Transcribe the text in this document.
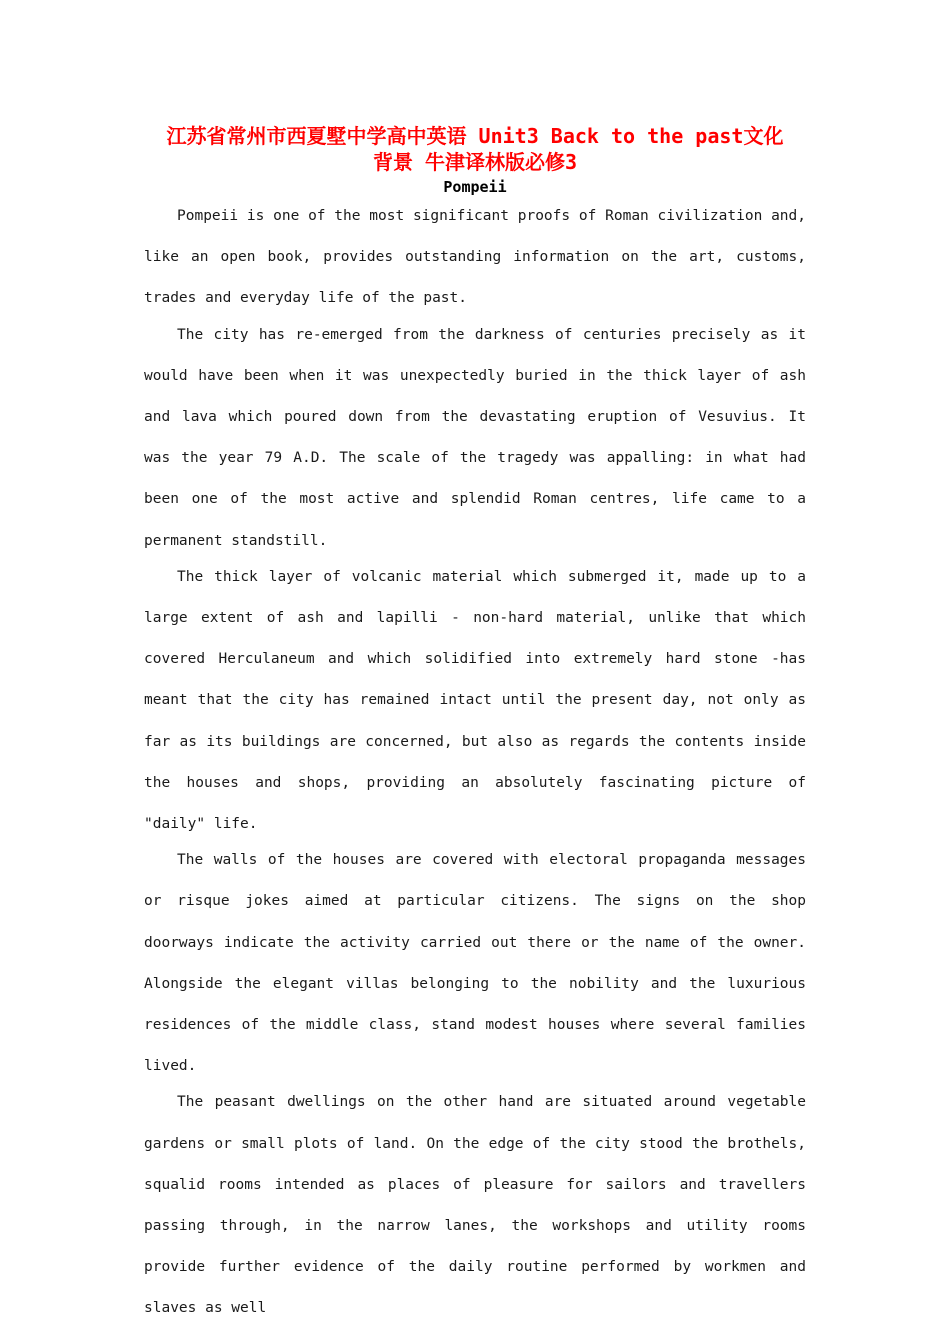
江苏省常州市西夏墅中学高中英语 Unit3 Back to the past文化
背景 牛津译林版必修3
Pompeii

Pompeii is one of the most significant proofs of Roman civilization and, like an open book, provides outstanding information on the art, customs, trades and everyday life of the past.

The city has re-emerged from the darkness of centuries precisely as it would have been when it was unexpectedly buried in the thick layer of ash and lava which poured down from the devastating eruption of Vesuvius. It was the year 79 A.D. The scale of the tragedy was appalling: in what had been one of the most active and splendid Roman centres, life came to a permanent standstill.

The thick layer of volcanic material which submerged it, made up to a large extent of ash and lapilli - non-hard material, unlike that which covered Herculaneum and which solidified into extremely hard stone -has meant that the city has remained intact until the present day, not only as far as its buildings are concerned, but also as regards the contents inside the houses and shops, providing an absolutely fascinating picture of "daily" life.

The walls of the houses are covered with electoral propaganda messages or risque jokes aimed at particular citizens. The signs on the shop doorways indicate the activity carried out there or the name of the owner. Alongside the elegant villas belonging to the nobility and the luxurious residences of the middle class, stand modest houses where several families lived.

The peasant dwellings on the other hand are situated around vegetable gardens or small plots of land. On the edge of the city stood the brothels, squalid rooms intended as places of pleasure for sailors and travellers passing through, in the narrow lanes, the workshops and utility rooms provide further evidence of the daily routine performed by workmen and slaves as well
